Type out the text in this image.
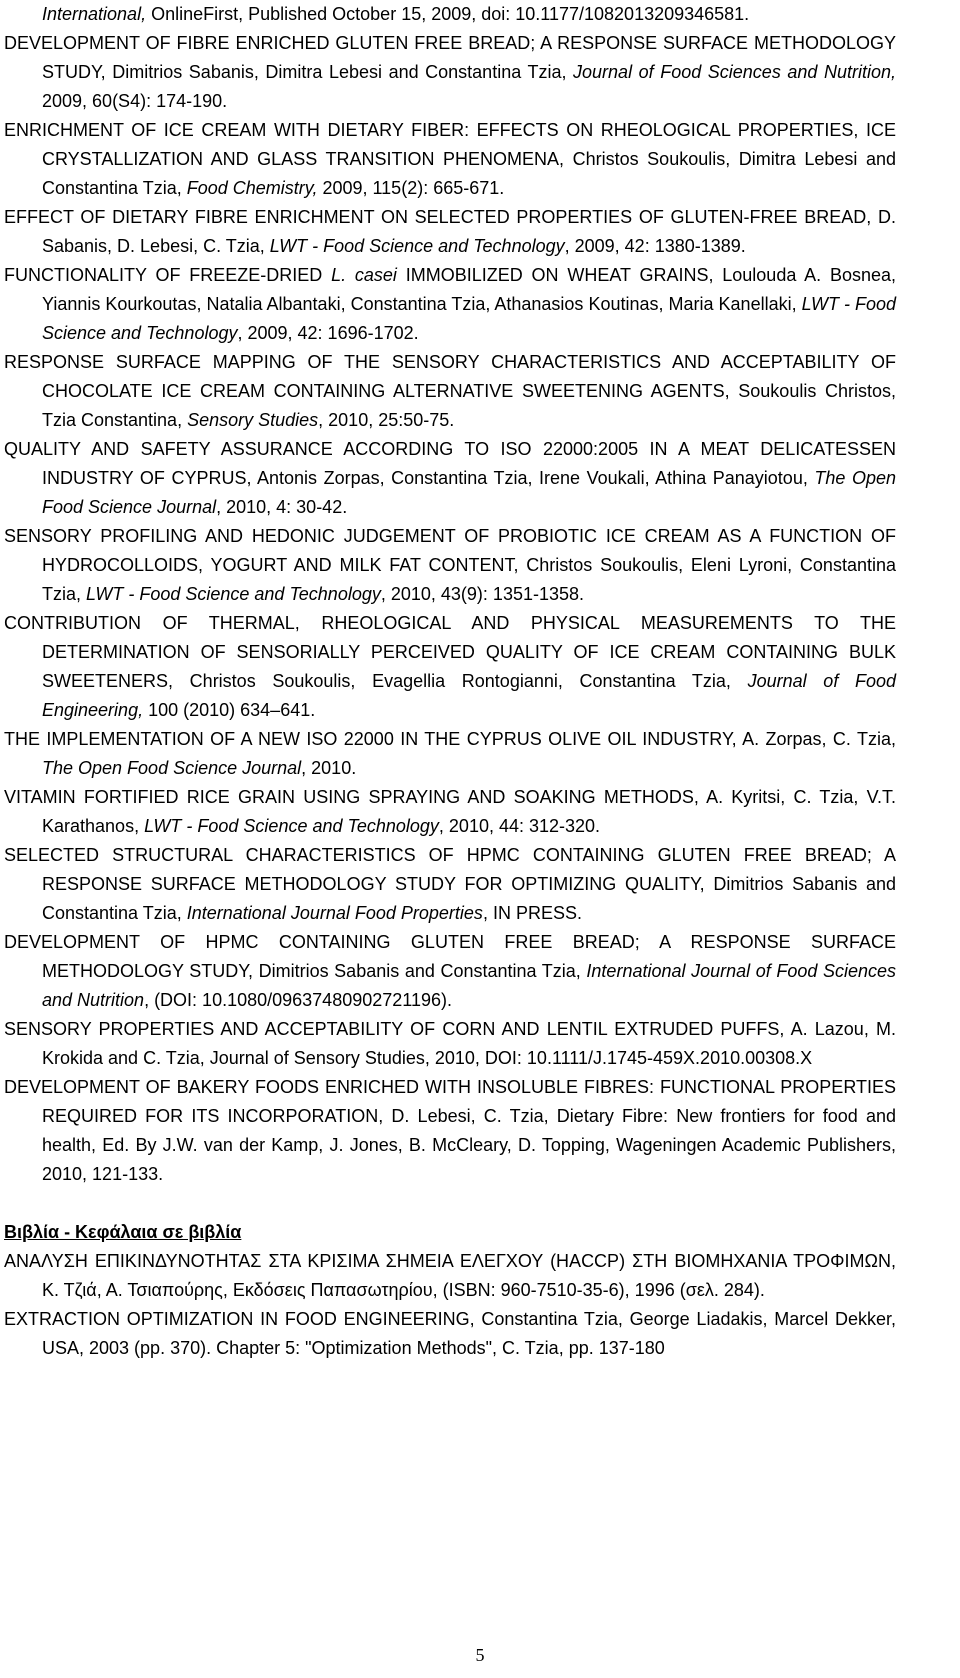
International, OnlineFirst, Published October 15, 2009, doi: 10.1177/1082013209346581.

DEVELOPMENT OF FIBRE ENRICHED GLUTEN FREE BREAD; A RESPONSE SURFACE METHODOLOGY STUDY, Dimitrios Sabanis, Dimitra Lebesi and Constantina Tzia, Journal of Food Sciences and Nutrition, 2009, 60(S4): 174-190.

ENRICHMENT OF ICE CREAM WITH DIETARY FIBER: EFFECTS ON RHEOLOGICAL PROPERTIES, ICE CRYSTALLIZATION AND GLASS TRANSITION PHENOMENA, Christos Soukoulis, Dimitra Lebesi and Constantina Tzia, Food Chemistry, 2009, 115(2): 665-671.

EFFECT OF DIETARY FIBRE ENRICHMENT ON SELECTED PROPERTIES OF GLUTEN-FREE BREAD, D. Sabanis, D. Lebesi, C. Tzia, LWT - Food Science and Technology, 2009, 42: 1380-1389.

FUNCTIONALITY OF FREEZE-DRIED L. casei IMMOBILIZED ON WHEAT GRAINS, Loulouda A. Bosnea, Yiannis Kourkoutas, Natalia Albantaki, Constantina Tzia, Athanasios Koutinas, Maria Kanellaki, LWT - Food Science and Technology, 2009, 42: 1696-1702.

RESPONSE SURFACE MAPPING OF THE SENSORY CHARACTERISTICS AND ACCEPTABILITY OF CHOCOLATE ICE CREAM CONTAINING ALTERNATIVE SWEETENING AGENTS, Soukoulis Christos, Tzia Constantina, Sensory Studies, 2010, 25:50-75.

QUALITY AND SAFETY ASSURANCE ACCORDING TO ISO 22000:2005 IN A MEAT DELICATESSEN INDUSTRY OF CYPRUS, Antonis Zorpas, Constantina Tzia, Irene Voukali, Athina Panayiotou, The Open Food Science Journal, 2010, 4: 30-42.

SENSORY PROFILING AND HEDONIC JUDGEMENT OF PROBIOTIC ICE CREAM AS A FUNCTION OF HYDROCOLLOIDS, YOGURT AND MILK FAT CONTENT, Christos Soukoulis, Eleni Lyroni, Constantina Tzia, LWT - Food Science and Technology, 2010, 43(9): 1351-1358.

CONTRIBUTION OF THERMAL, RHEOLOGICAL AND PHYSICAL MEASUREMENTS TO THE DETERMINATION OF SENSORIALLY PERCEIVED QUALITY OF ICE CREAM CONTAINING BULK SWEETENERS, Christos Soukoulis, Evagellia Rontogianni, Constantina Tzia, Journal of Food Engineering, 100 (2010) 634–641.

THE IMPLEMENTATION OF A NEW ISO 22000 IN THE CYPRUS OLIVE OIL INDUSTRY, A. Zorpas, C. Tzia, The Open Food Science Journal, 2010.

VITAMIN FORTIFIED RICE GRAIN USING SPRAYING AND SOAKING METHODS, A. Kyritsi, C. Tzia, V.T. Karathanos, LWT - Food Science and Technology, 2010, 44: 312-320.

SELECTED STRUCTURAL CHARACTERISTICS OF HPMC CONTAINING GLUTEN FREE BREAD; A RESPONSE SURFACE METHODOLOGY STUDY FOR OPTIMIZING QUALITY, Dimitrios Sabanis and Constantina Tzia, International Journal Food Properties, IN PRESS.

DEVELOPMENT OF HPMC CONTAINING GLUTEN FREE BREAD; A RESPONSE SURFACE METHODOLOGY STUDY, Dimitrios Sabanis and Constantina Tzia, International Journal of Food Sciences and Nutrition, (DOI: 10.1080/09637480902721196).

SENSORY PROPERTIES AND ACCEPTABILITY OF CORN AND LENTIL EXTRUDED PUFFS, A. Lazou, M. Krokida and C. Tzia, Journal of Sensory Studies, 2010, DOI: 10.1111/J.1745-459X.2010.00308.X

DEVELOPMENT OF BAKERY FOODS ENRICHED WITH INSOLUBLE FIBRES: FUNCTIONAL PROPERTIES REQUIRED FOR ITS INCORPORATION, D. Lebesi, C. Tzia, Dietary Fibre: New frontiers for food and health, Ed. By J.W. van der Kamp, J. Jones, B. McCleary, D. Topping, Wageningen Academic Publishers, 2010, 121-133.

Βιβλία - Κεφάλαια σε βιβλία

ΑΝΑΛΥΣΗ ΕΠΙΚΙΝΔΥΝΟΤΗΤΑΣ ΣΤΑ ΚΡΙΣΙΜΑ ΣΗΜΕΙΑ ΕΛΕΓΧΟΥ (HACCP) ΣΤΗ ΒΙΟΜΗΧΑΝΙΑ ΤΡΟΦΙΜΩΝ, Κ. Τζιά, Α. Τσιαπούρης, Εκδόσεις Παπασωτηρίου, (ISBN: 960-7510-35-6), 1996 (σελ. 284).

EXTRACTION OPTIMIZATION IN FOOD ENGINEERING, Constantina Tzia, George Liadakis, Marcel Dekker, USA, 2003 (pp. 370). Chapter 5: "Optimization Methods", C. Tzia, pp. 137-180

5
